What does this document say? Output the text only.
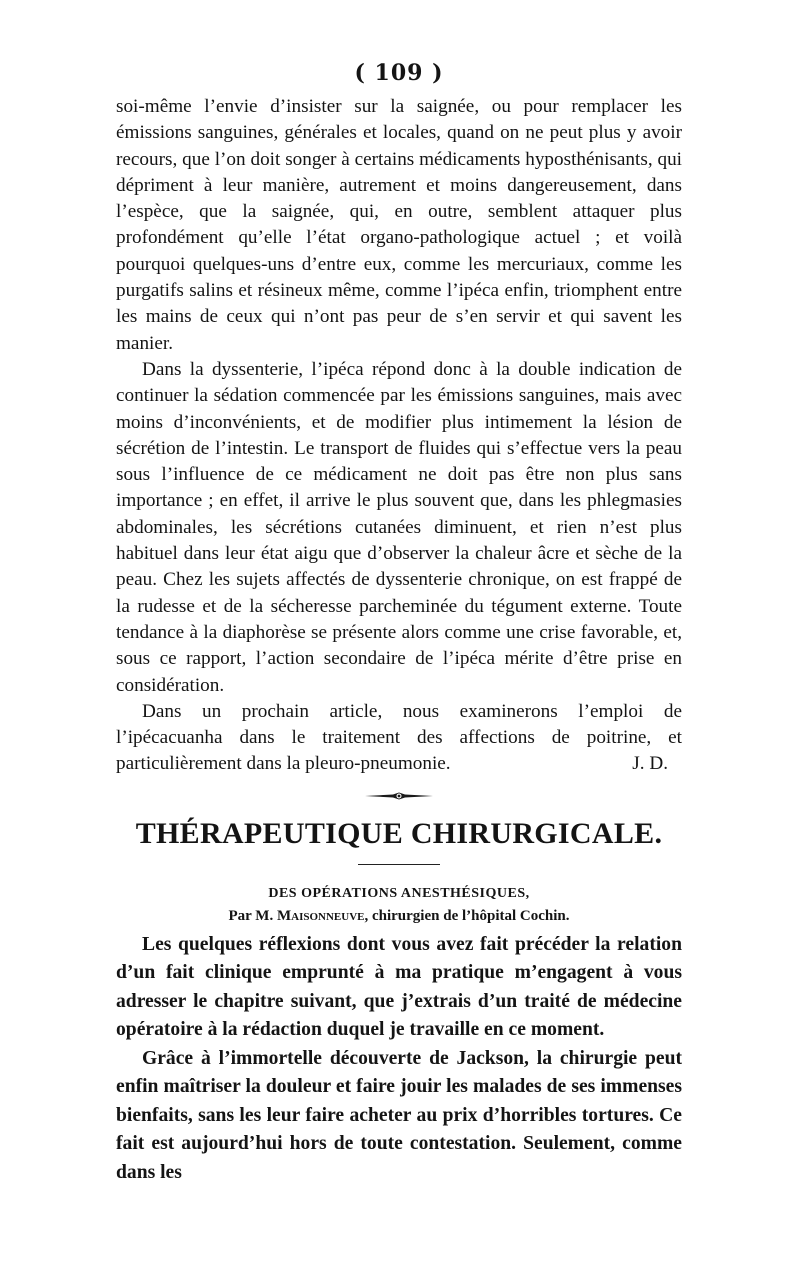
( 109 )

soi-même l’envie d’insister sur la saignée, ou pour remplacer les émissions sanguines, générales et locales, quand on ne peut plus y avoir recours, que l’on doit songer à certains médicaments hyposthénisants, qui dépriment à leur manière, autrement et moins dangereusement, dans l’espèce, que la saignée, qui, en outre, semblent attaquer plus profondément qu’elle l’état organo-pathologique actuel ; et voilà pourquoi quelques-uns d’entre eux, comme les mercuriaux, comme les purgatifs salins et résineux même, comme l’ipéca enfin, triomphent entre les mains de ceux qui n’ont pas peur de s’en servir et qui savent les manier.

Dans la dyssenterie, l’ipéca répond donc à la double indication de continuer la sédation commencée par les émissions sanguines, mais avec moins d’inconvénients, et de modifier plus intimement la lésion de sécrétion de l’intestin. Le transport de fluides qui s’effectue vers la peau sous l’influence de ce médicament ne doit pas être non plus sans importance ; en effet, il arrive le plus souvent que, dans les phlegmasies abdominales, les sécrétions cutanées diminuent, et rien n’est plus habituel dans leur état aigu que d’observer la chaleur âcre et sèche de la peau. Chez les sujets affectés de dyssenterie chronique, on est frappé de la rudesse et de la sécheresse parcheminée du tégument externe. Toute tendance à la diaphorèse se présente alors comme une crise favorable, et, sous ce rapport, l’action secondaire de l’ipéca mérite d’être prise en considération.

Dans un prochain article, nous examinerons l’emploi de l’ipécacuanha dans le traitement des affections de poitrine, et particulièrement dans la pleuro-pneumonie.	J. D.

THÉRAPEUTIQUE CHIRURGICALE.
DES OPÉRATIONS ANESTHÉSIQUES,
Par M. Maisonneuve, chirurgien de l’hôpital Cochin.

Les quelques réflexions dont vous avez fait précéder la relation d’un fait clinique emprunté à ma pratique m’engagent à vous adresser le chapitre suivant, que j’extrais d’un traité de médecine opératoire à la rédaction duquel je travaille en ce moment.

Grâce à l’immortelle découverte de Jackson, la chirurgie peut enfin maîtriser la douleur et faire jouir les malades de ses immenses bienfaits, sans les leur faire acheter au prix d’horribles tortures. Ce fait est aujourd’hui hors de toute contestation. Seulement, comme dans les
